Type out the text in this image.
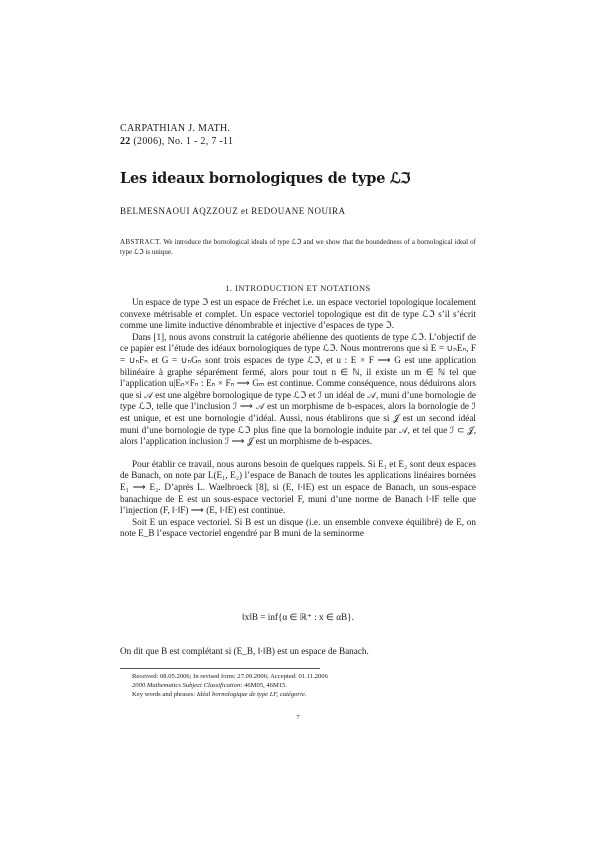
CARPATHIAN J. MATH.
22 (2006), No. 1 - 2, 7 -11
Les ideaux bornologiques de type ℒℑ
BELMESNAOUI AQZZOUZ et REDOUANE NOUIRA
ABSTRACT. We introduce the bornological ideals of type ℒℑ and we show that the boundedness of a bornological ideal of type ℒℑ is unique.
1. INTRODUCTION ET NOTATIONS

Un espace de type ℑ est un espace de Fréchet i.e. un espace vectoriel topologique localement convexe métrisable et complet. Un espace vectoriel topologique est dit de type ℒℑ s’il s’écrit comme une limite inductive dénombrable et injective d’espaces de type ℑ.

Dans [1], nous avons construit la catégorie abélienne des quotients de type ℒℑ. L’objectif de ce papier est l’étude des idéaux bornologiques de type ℒℑ. Nous montrerons que si E = ∪ₙEₙ, F = ∪ₙFₙ et G = ∪ₙGₙ sont trois espaces de type ℒℑ, et u : E × F ⟶ G est une application bilinéaire à graphe séparément fermé, alors pour tout n ∈ ℕ, il existe un m ∈ ℕ tel que l’application u|Eₙ×Fₙ : Eₙ × Fₙ ⟶ Gₘ est continue. Comme conséquence, nous déduirons alors que si 𝒜 est une algèbre bornologique de type ℒℑ et ℐ un idéal de 𝒜, muni d’une bornologie de type ℒℑ, telle que l’inclusion ℐ ⟶ 𝒜 est un morphisme de b-espaces, alors la bornologie de ℐ est unique, et est une bornologie d’idéal. Aussi, nous établirons que si 𝒥 est un second idéal muni d’une bornologie de type ℒℑ plus fine que la bornologie induite par 𝒜, et tel que ℐ ⊂ 𝒥, alors l’application inclusion ℐ ⟶ 𝒥 est un morphisme de b-espaces.

Pour établir ce travail, nous aurons besoin de quelques rappels. Si E₁ et E₂ sont deux espaces de Banach, on note par L(E₁, E₂) l’espace de Banach de toutes les applications linéaires bornées E₁ ⟶ E₂. D’après L. Waelbroeck [8], si (E, ‖·‖E) est un espace de Banach, un sous-espace banachique de E est un sous-espace vectoriel F, muni d’une norme de Banach ‖·‖F telle que l’injection (F, ‖·‖F) ⟶ (E, ‖·‖E) est continue.

Soit E un espace vectoriel. Si B est un disque (i.e. un ensemble convexe équilibré) de E, on note E_B l’espace vectoriel engendré par B muni de la seminorme

‖x‖B = inf{α ∈ ℝ⁺ : x ∈ αB}.
On dit que B est complétant si (E_B, ‖·‖B) est un espace de Banach.
Received: 08.05.2006; In revised form: 27.09.2006; Accepted: 01.11.2006
2000 Mathematics Subject Classification: 46M05, 46M15.
Key words and phrases: Idéal bornologique de type LF, catégorie.
7
